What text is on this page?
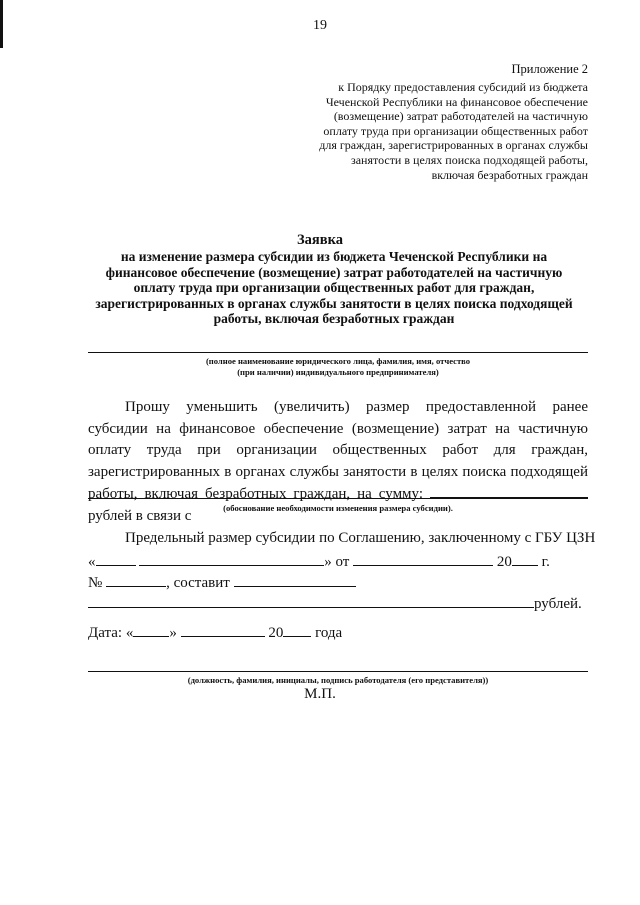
19
Приложение 2
к Порядку предоставления субсидий из бюджета Чеченской Республики на финансовое обеспечение (возмещение) затрат работодателей на частичную оплату труда при организации общественных работ для граждан, зарегистрированных в органах службы занятости в целях поиска подходящей работы, включая безработных граждан
Заявка
на изменение размера субсидии из бюджета Чеченской Республики на финансовое обеспечение (возмещение) затрат работодателей на частичную оплату труда при организации общественных работ для граждан, зарегистрированных в органах службы занятости в целях поиска подходящей работы, включая безработных граждан
(полное наименование юридического лица, фамилия, имя, отчество
(при наличии) индивидуального предпринимателя)
Прошу уменьшить (увеличить) размер предоставленной ранее субсидии на финансовое обеспечение (возмещение) затрат на частичную оплату труда при организации общественных работ для граждан, зарегистрированных в органах службы занятости в целях поиска подходящей работы, включая безработных граждан, на сумму:  рублей в связи с	(обоснование необходимости изменения размера субсидии).
Предельный размер субсидии по Соглашению, заключенному с ГБУ ЦЗН
«	» от	20 г.
№	, составит
рублей.
Дата: « »	20 года
(должность, фамилия, инициалы, подпись работодателя (его представителя))
М.П.
